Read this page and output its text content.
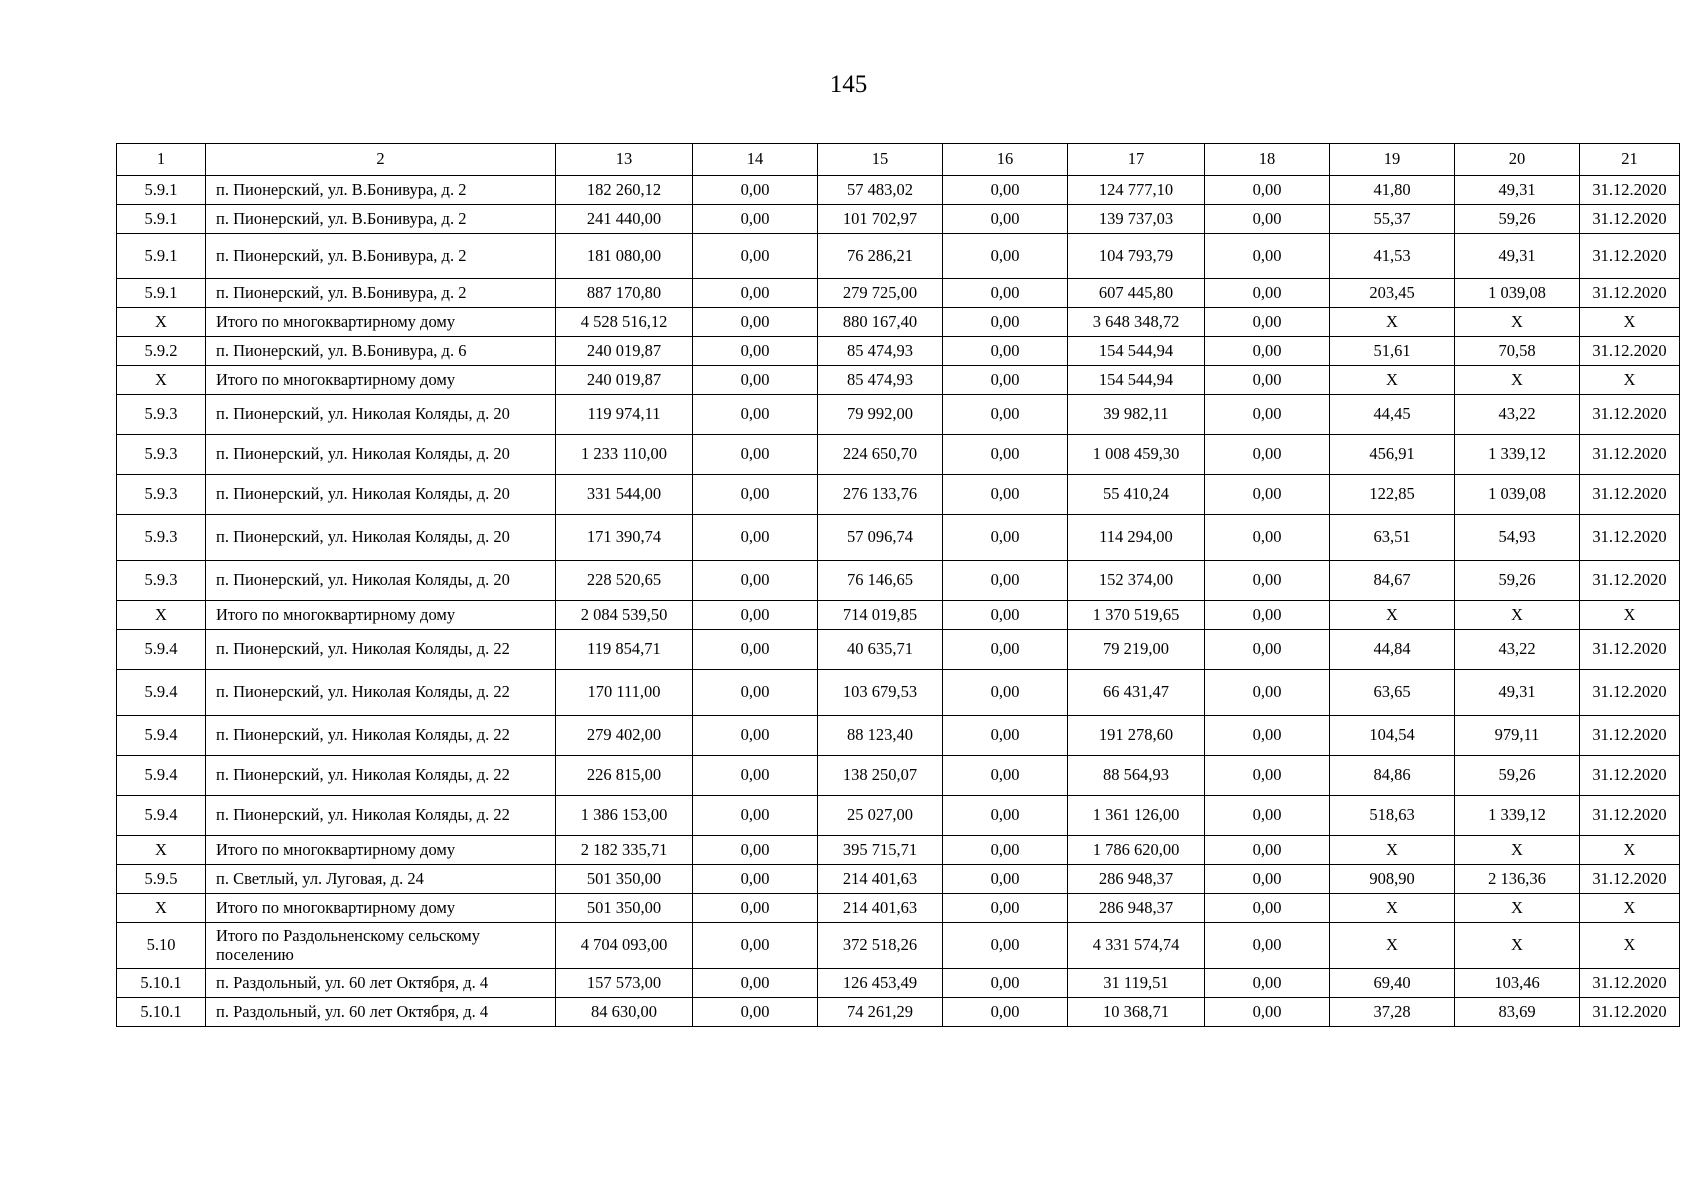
145
1	2	13	14	15	16	17	18	19	20	21
5.9.1	п. Пионерский, ул. В.Бонивура, д. 2	182 260,12	0,00	57 483,02	0,00	124 777,10	0,00	41,80	49,31	31.12.2020
5.9.1	п. Пионерский, ул. В.Бонивура, д. 2	241 440,00	0,00	101 702,97	0,00	139 737,03	0,00	55,37	59,26	31.12.2020
5.9.1	п. Пионерский, ул. В.Бонивура, д. 2	181 080,00	0,00	76 286,21	0,00	104 793,79	0,00	41,53	49,31	31.12.2020
5.9.1	п. Пионерский, ул. В.Бонивура, д. 2	887 170,80	0,00	279 725,00	0,00	607 445,80	0,00	203,45	1 039,08	31.12.2020
Х	Итого по многоквартирному дому	4 528 516,12	0,00	880 167,40	0,00	3 648 348,72	0,00	Х	Х	Х
5.9.2	п. Пионерский, ул. В.Бонивура, д. 6	240 019,87	0,00	85 474,93	0,00	154 544,94	0,00	51,61	70,58	31.12.2020
Х	Итого по многоквартирному дому	240 019,87	0,00	85 474,93	0,00	154 544,94	0,00	Х	Х	Х
5.9.3	п. Пионерский, ул. Николая Коляды, д. 20	119 974,11	0,00	79 992,00	0,00	39 982,11	0,00	44,45	43,22	31.12.2020
5.9.3	п. Пионерский, ул. Николая Коляды, д. 20	1 233 110,00	0,00	224 650,70	0,00	1 008 459,30	0,00	456,91	1 339,12	31.12.2020
5.9.3	п. Пионерский, ул. Николая Коляды, д. 20	331 544,00	0,00	276 133,76	0,00	55 410,24	0,00	122,85	1 039,08	31.12.2020
5.9.3	п. Пионерский, ул. Николая Коляды, д. 20	171 390,74	0,00	57 096,74	0,00	114 294,00	0,00	63,51	54,93	31.12.2020
5.9.3	п. Пионерский, ул. Николая Коляды, д. 20	228 520,65	0,00	76 146,65	0,00	152 374,00	0,00	84,67	59,26	31.12.2020
Х	Итого по многоквартирному дому	2 084 539,50	0,00	714 019,85	0,00	1 370 519,65	0,00	Х	Х	Х
5.9.4	п. Пионерский, ул. Николая Коляды, д. 22	119 854,71	0,00	40 635,71	0,00	79 219,00	0,00	44,84	43,22	31.12.2020
5.9.4	п. Пионерский, ул. Николая Коляды, д. 22	170 111,00	0,00	103 679,53	0,00	66 431,47	0,00	63,65	49,31	31.12.2020
5.9.4	п. Пионерский, ул. Николая Коляды, д. 22	279 402,00	0,00	88 123,40	0,00	191 278,60	0,00	104,54	979,11	31.12.2020
5.9.4	п. Пионерский, ул. Николая Коляды, д. 22	226 815,00	0,00	138 250,07	0,00	88 564,93	0,00	84,86	59,26	31.12.2020
5.9.4	п. Пионерский, ул. Николая Коляды, д. 22	1 386 153,00	0,00	25 027,00	0,00	1 361 126,00	0,00	518,63	1 339,12	31.12.2020
Х	Итого по многоквартирному дому	2 182 335,71	0,00	395 715,71	0,00	1 786 620,00	0,00	Х	Х	Х
5.9.5	п. Светлый, ул. Луговая, д. 24	501 350,00	0,00	214 401,63	0,00	286 948,37	0,00	908,90	2 136,36	31.12.2020
Х	Итого по многоквартирному дому	501 350,00	0,00	214 401,63	0,00	286 948,37	0,00	Х	Х	Х
5.10	Итого по Раздольненскому сельскому поселению	4 704 093,00	0,00	372 518,26	0,00	4 331 574,74	0,00	Х	Х	Х
5.10.1	п. Раздольный, ул. 60 лет Октября, д. 4	157 573,00	0,00	126 453,49	0,00	31 119,51	0,00	69,40	103,46	31.12.2020
5.10.1	п. Раздольный, ул. 60 лет Октября, д. 4	84 630,00	0,00	74 261,29	0,00	10 368,71	0,00	37,28	83,69	31.12.2020
